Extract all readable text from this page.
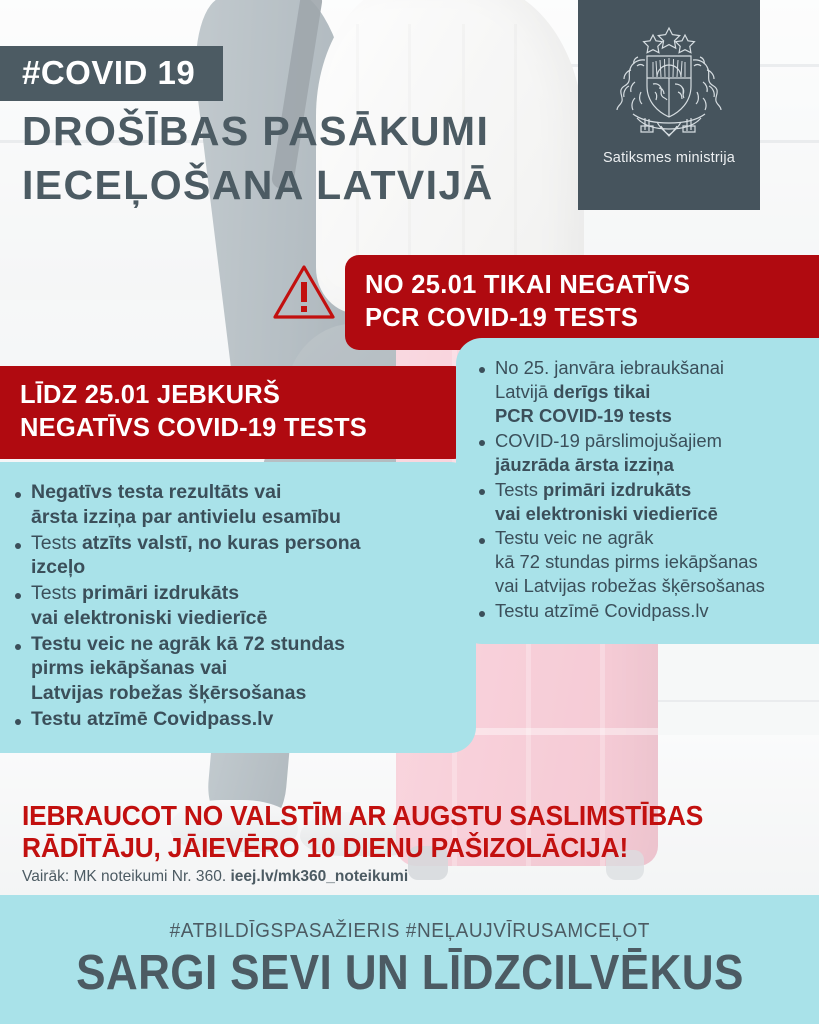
#COVID 19
DROŠĪBAS PASĀKUMI
IECEĻOŠANA LATVIJĀ
Satiksmes ministrija
NO 25.01 TIKAI NEGATĪVS
PCR COVID-19 TESTS
LĪDZ 25.01 JEBKURŠ
NEGATĪVS COVID-19 TESTS
Negatīvs testa rezultāts vai
ārsta izziņa par antivielu esamību
Tests atzīts valstī, no kuras persona
izceļo
Tests primāri izdrukāts
vai elektroniski viedierīcē
Testu veic ne agrāk kā 72 stundas
pirms iekāpšanas vai
Latvijas robežas šķērsošanas
Testu atzīmē Covidpass.lv
No 25. janvāra iebraukšanai
Latvijā derīgs tikai
PCR COVID-19 tests
COVID-19 pārslimojušajiem
jāuzrāda ārsta izziņa
Tests primāri izdrukāts
vai elektroniski viedierīcē
Testu veic ne agrāk
kā 72 stundas pirms iekāpšanas
vai Latvijas robežas šķērsošanas
Testu atzīmē Covidpass.lv
IEBRAUCOT NO VALSTĪM AR AUGSTU SASLIMSTĪBAS
RĀDĪTĀJU, JĀIEVĒRO 10 DIENU PAŠIZOLĀCIJA!
Vairāk: MK noteikumi Nr. 360. ieej.lv/mk360_noteikumi
#ATBILDĪGSPASAŽIERIS #NEĻAUJVĪRUSAMCEĻOT
SARGI SEVI UN LĪDZCILVĒKUS
